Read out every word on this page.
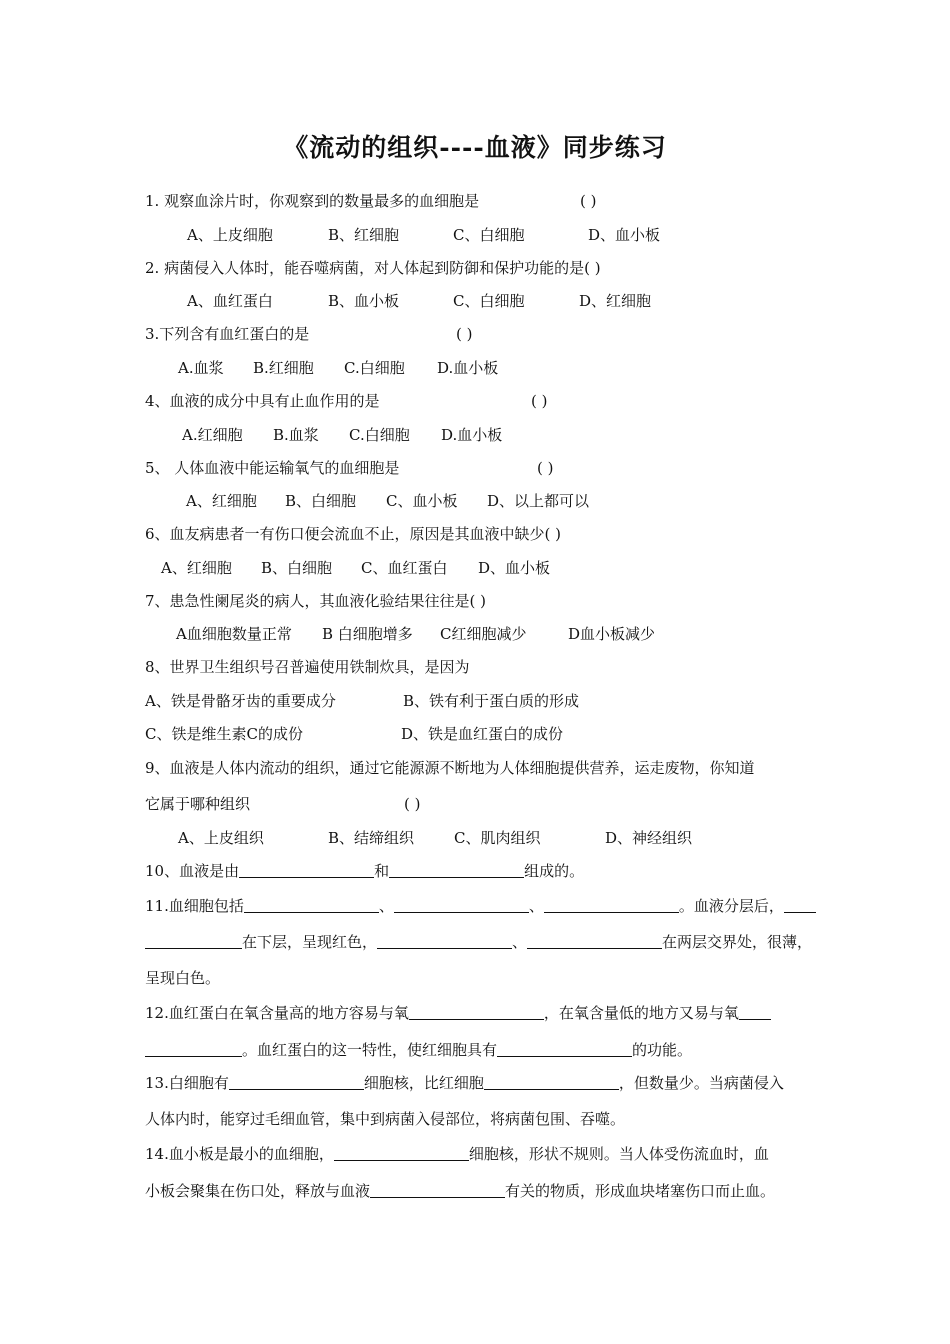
《流动的组织----血液》同步练习
1. 观察血涂片时，你观察到的数量最多的血细胞是	( )
A、上皮细胞	B、红细胞	C、白细胞	D、血小板
2. 病菌侵入人体时，能吞噬病菌，对人体起到防御和保护功能的是( )
A、血红蛋白	B、血小板	C、白细胞	D、红细胞
3.下列含有血红蛋白的是	( )
A.血浆 B.红细胞 C.白细胞 D.血小板
4、血液的成分中具有止血作用的是	( )
A.红细胞 B.血浆 C.白细胞 D.血小板
5、 人体血液中能运输氧气的血细胞是	( )
A、红细胞 B、白细胞 C、血小板 D、以上都可以
6、血友病患者一有伤口便会流血不止，原因是其血液中缺少( )
A、红细胞 B、白细胞 C、血红蛋白 D、血小板
7、患急性阑尾炎的病人，其血液化验结果往往是( )
A血细胞数量正常 B 白细胞增多 C红细胞减少	D血小板减少
8、世界卫生组织号召普遍使用铁制炊具，是因为
A、铁是骨骼牙齿的重要成分	B、铁有利于蛋白质的形成
C、铁是维生素C的成份	D、铁是血红蛋白的成份
9、血液是人体内流动的组织，通过它能源源不断地为人体细胞提供营养，运走废物，你知道
它属于哪种组织	( )
A、上皮组织	B、结缔组织	C、肌肉组织	D、神经组织
10、血液是由	和	组成的。
11.血细胞包括	、	、	。血液分层后，
在下层，呈现红色，	、	在两层交界处，很薄，
呈现白色。
12.血红蛋白在氧含量高的地方容易与氧	，在氧含量低的地方又易与氧
。血红蛋白的这一特性，使红细胞具有	的功能。
13.白细胞有	细胞核，比红细胞	，但数量少。当病菌侵入
人体内时，能穿过毛细血管，集中到病菌入侵部位，将病菌包围、吞噬。
14.血小板是最小的血细胞，	细胞核，形状不规则。当人体受伤流血时，血
小板会聚集在伤口处，释放与血液	有关的物质，形成血块堵塞伤口而止血。
